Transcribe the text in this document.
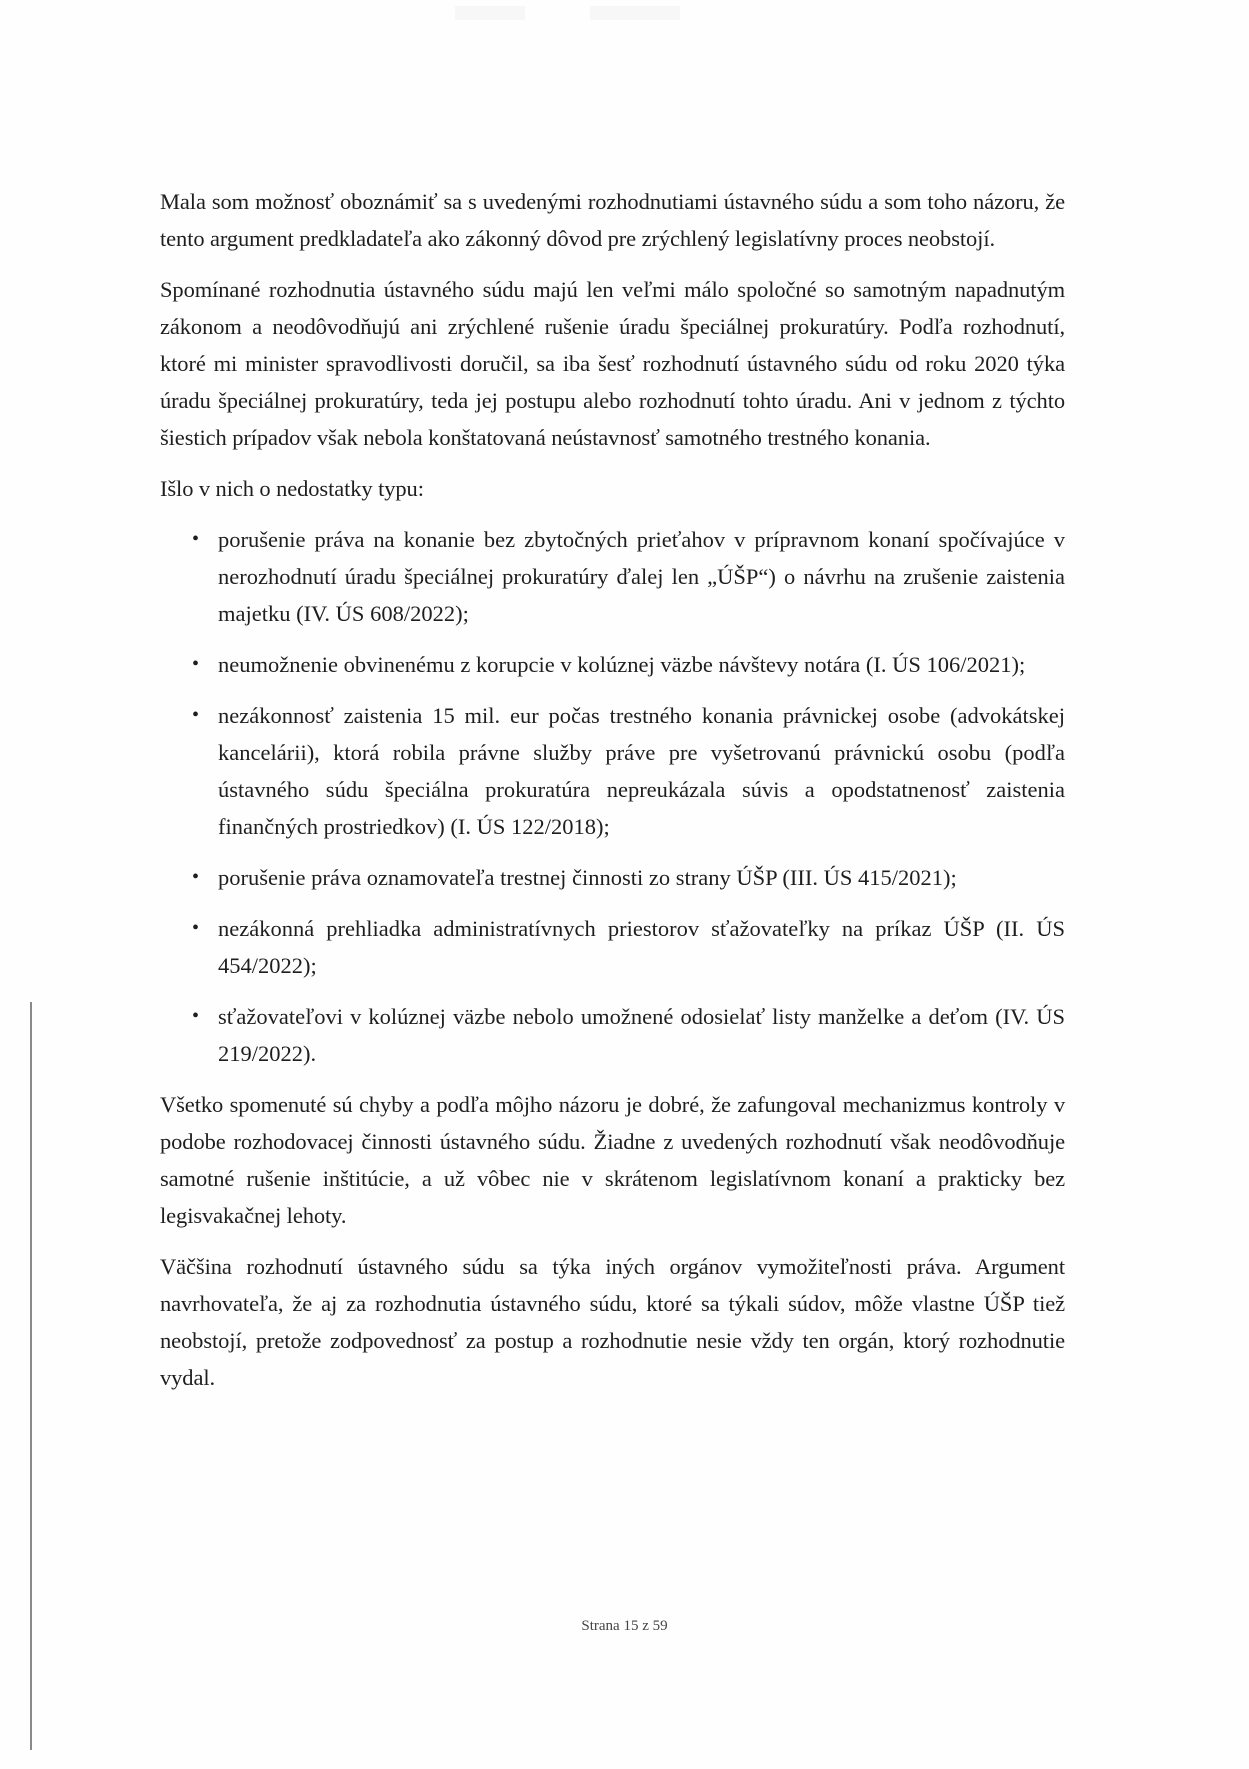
Mala som možnosť oboznámiť sa s uvedenými rozhodnutiami ústavného súdu a som toho názoru, že tento argument predkladateľa ako zákonný dôvod pre zrýchlený legislatívny proces neobstojí.

Spomínané rozhodnutia ústavného súdu majú len veľmi málo spoločné so samotným napadnutým zákonom a neodôvodňujú ani zrýchlené rušenie úradu špeciálnej prokuratúry. Podľa rozhodnutí, ktoré mi minister spravodlivosti doručil, sa iba šesť rozhodnutí ústavného súdu od roku 2020 týka úradu špeciálnej prokuratúry, teda jej postupu alebo rozhodnutí tohto úradu. Ani v jednom z týchto šiestich prípadov však nebola konštatovaná neústavnosť samotného trestného konania.

Išlo v nich o nedostatky typu:

• porušenie práva na konanie bez zbytočných prieťahov v prípravnom konaní spočívajúce v nerozhodnutí úradu špeciálnej prokuratúry ďalej len „ÚŠP“) o návrhu na zrušenie zaistenia majetku (IV. ÚS 608/2022);
• neumožnenie obvinenému z korupcie v kolúznej väzbe návštevy notára (I. ÚS 106/2021);
• nezákonnosť zaistenia 15 mil. eur počas trestného konania právnickej osobe (advokátskej kancelárii), ktorá robila právne služby práve pre vyšetrovanú právnickú osobu (podľa ústavného súdu špeciálna prokuratúra nepreukázala súvis a opodstatnenosť zaistenia finančných prostriedkov) (I. ÚS 122/2018);
• porušenie práva oznamovateľa trestnej činnosti zo strany ÚŠP (III. ÚS 415/2021);
• nezákonná prehliadka administratívnych priestorov sťažovateľky na príkaz ÚŠP (II. ÚS 454/2022);
• sťažovateľovi v kolúznej väzbe nebolo umožnené odosielať listy manželke a deťom (IV. ÚS 219/2022).

Všetko spomenuté sú chyby a podľa môjho názoru je dobré, že zafungoval mechanizmus kontroly v podobe rozhodovacej činnosti ústavného súdu. Žiadne z uvedených rozhodnutí však neodôvodňuje samotné rušenie inštitúcie, a už vôbec nie v skrátenom legislatívnom konaní a prakticky bez legisvakačnej lehoty.

Väčšina rozhodnutí ústavného súdu sa týka iných orgánov vymožiteľnosti práva. Argument navrhovateľa, že aj za rozhodnutia ústavného súdu, ktoré sa týkali súdov, môže vlastne ÚŠP tiež neobstojí, pretože zodpovednosť za postup a rozhodnutie nesie vždy ten orgán, ktorý rozhodnutie vydal.

Strana 15 z 59
